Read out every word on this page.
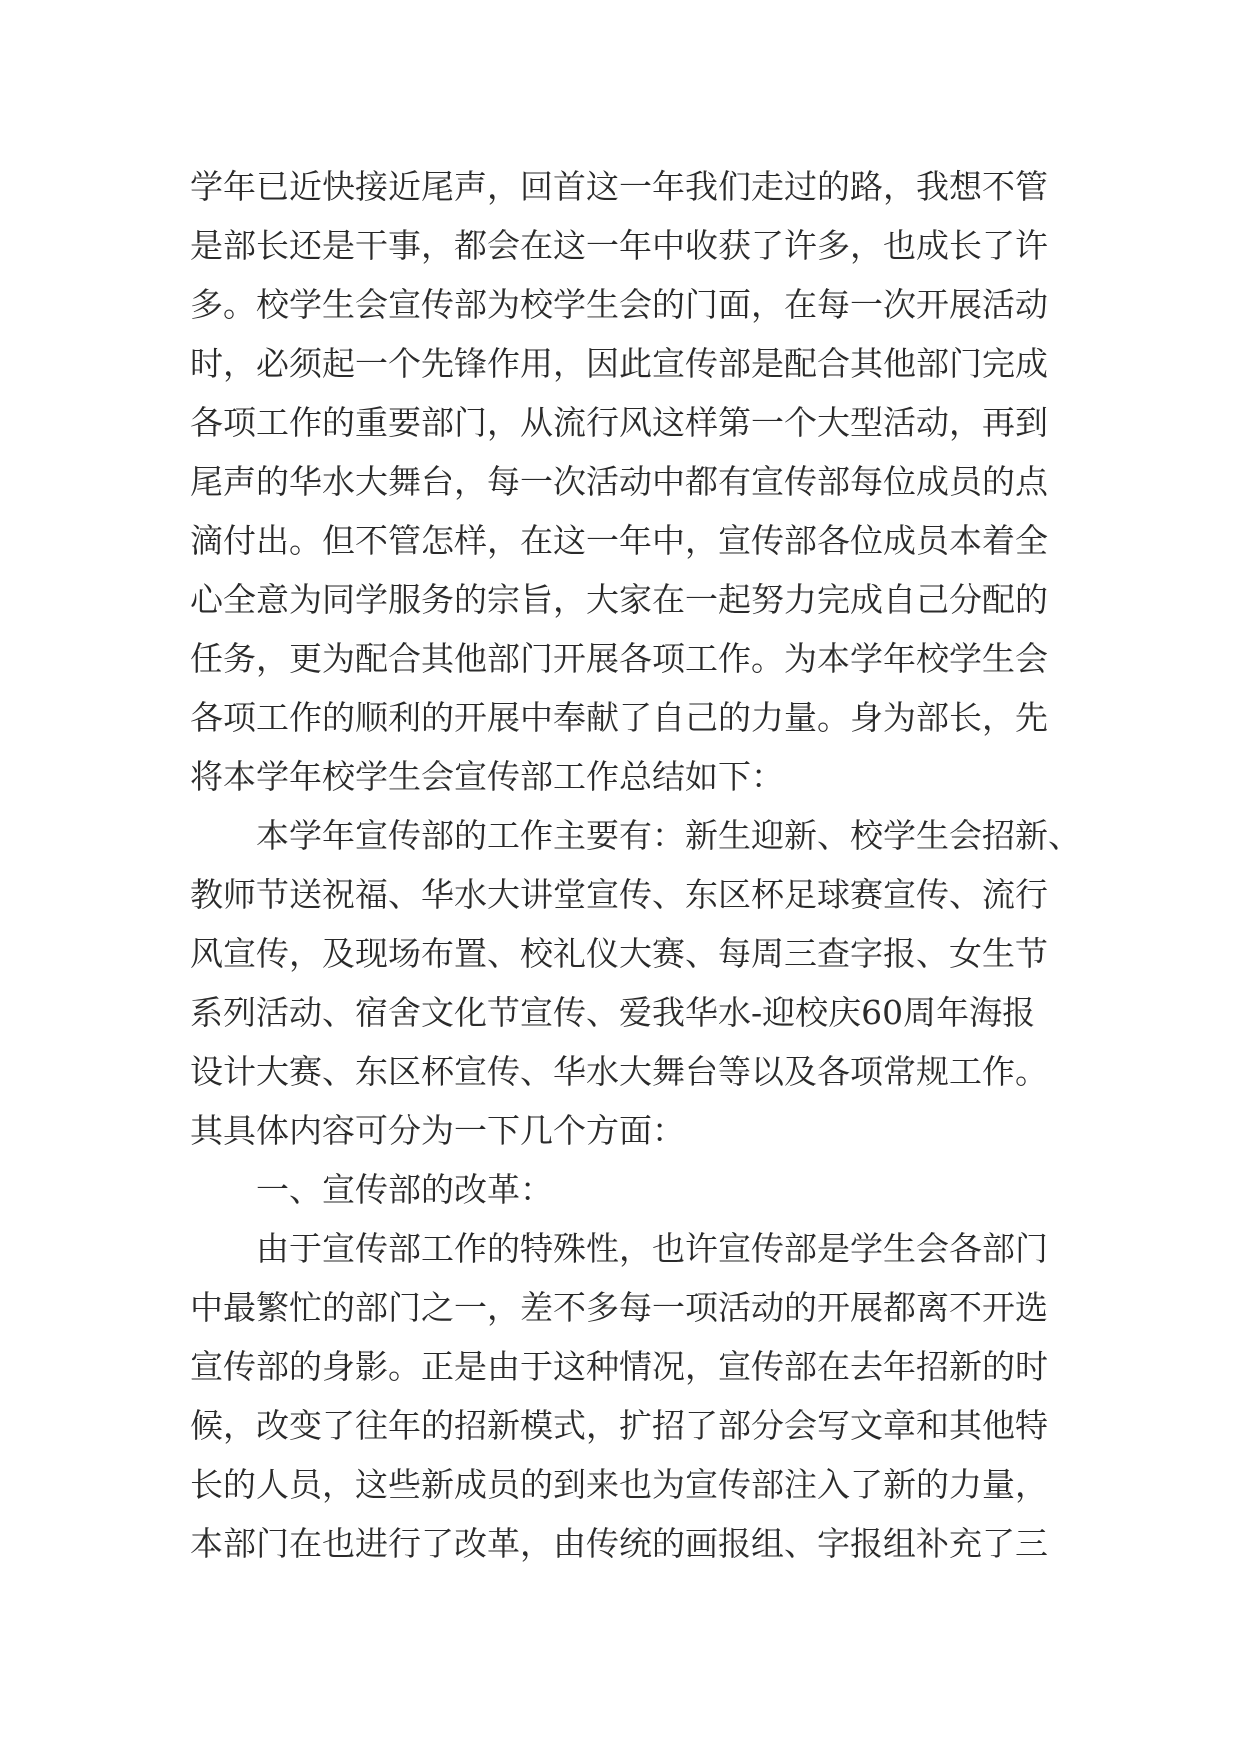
学年已近快接近尾声，回首这一年我们走过的路，我想不管
是部长还是干事，都会在这一年中收获了许多，也成长了许
多。校学生会宣传部为校学生会的门面，在每一次开展活动
时，必须起一个先锋作用，因此宣传部是配合其他部门完成
各项工作的重要部门，从流行风这样第一个大型活动，再到
尾声的华水大舞台，每一次活动中都有宣传部每位成员的点
滴付出。但不管怎样，在这一年中，宣传部各位成员本着全
心全意为同学服务的宗旨，大家在一起努力完成自己分配的
任务，更为配合其他部门开展各项工作。为本学年校学生会
各项工作的顺利的开展中奉献了自己的力量。身为部长，先
将本学年校学生会宣传部工作总结如下：
本学年宣传部的工作主要有：新生迎新、校学生会招新、
教师节送祝福、华水大讲堂宣传、东区杯足球赛宣传、流行
风宣传，及现场布置、校礼仪大赛、每周三查字报、女生节
系列活动、宿舍文化节宣传、爱我华水-迎校庆60周年海报
设计大赛、东区杯宣传、华水大舞台等以及各项常规工作。
其具体内容可分为一下几个方面：
一、宣传部的改革：
由于宣传部工作的特殊性，也许宣传部是学生会各部门
中最繁忙的部门之一，差不多每一项活动的开展都离不开选
宣传部的身影。正是由于这种情况，宣传部在去年招新的时
候，改变了往年的招新模式，扩招了部分会写文章和其他特
长的人员，这些新成员的到来也为宣传部注入了新的力量，
本部门在也进行了改革，由传统的画报组、字报组补充了三
